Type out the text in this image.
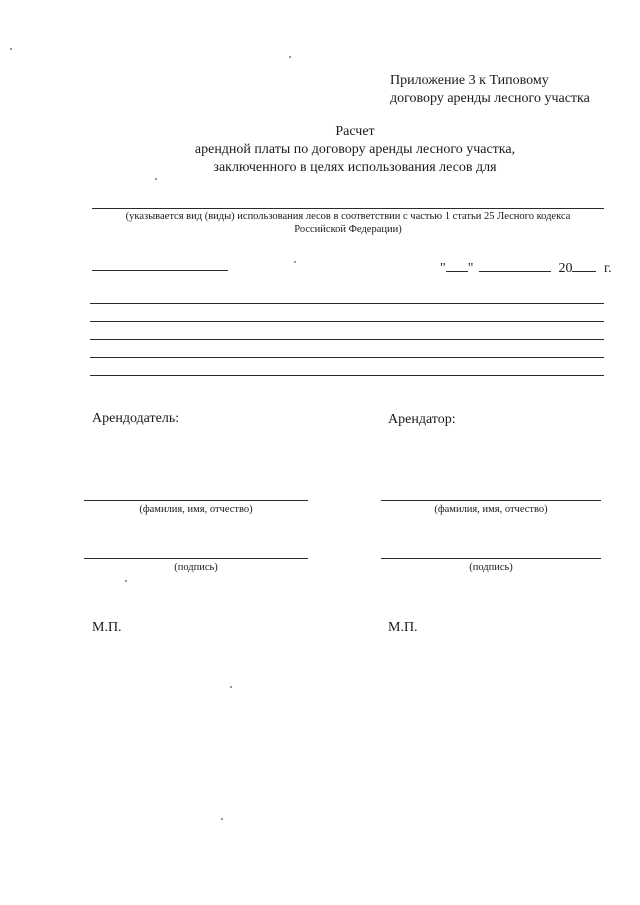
Приложение 3 к Типовому
договору аренды лесного участка
Расчет
арендной платы по договору аренды лесного участка,
заключенного в целях использования лесов для
(указывается вид (виды) использования лесов в соответствии с частью 1 статьи 25 Лесного кодекса
Российской Федерации)
" "	20 г.
Арендодатель:
(фамилия, имя, отчество)
(подпись)
М.П.
Арендатор:
(фамилия, имя, отчество)
(подпись)
М.П.
